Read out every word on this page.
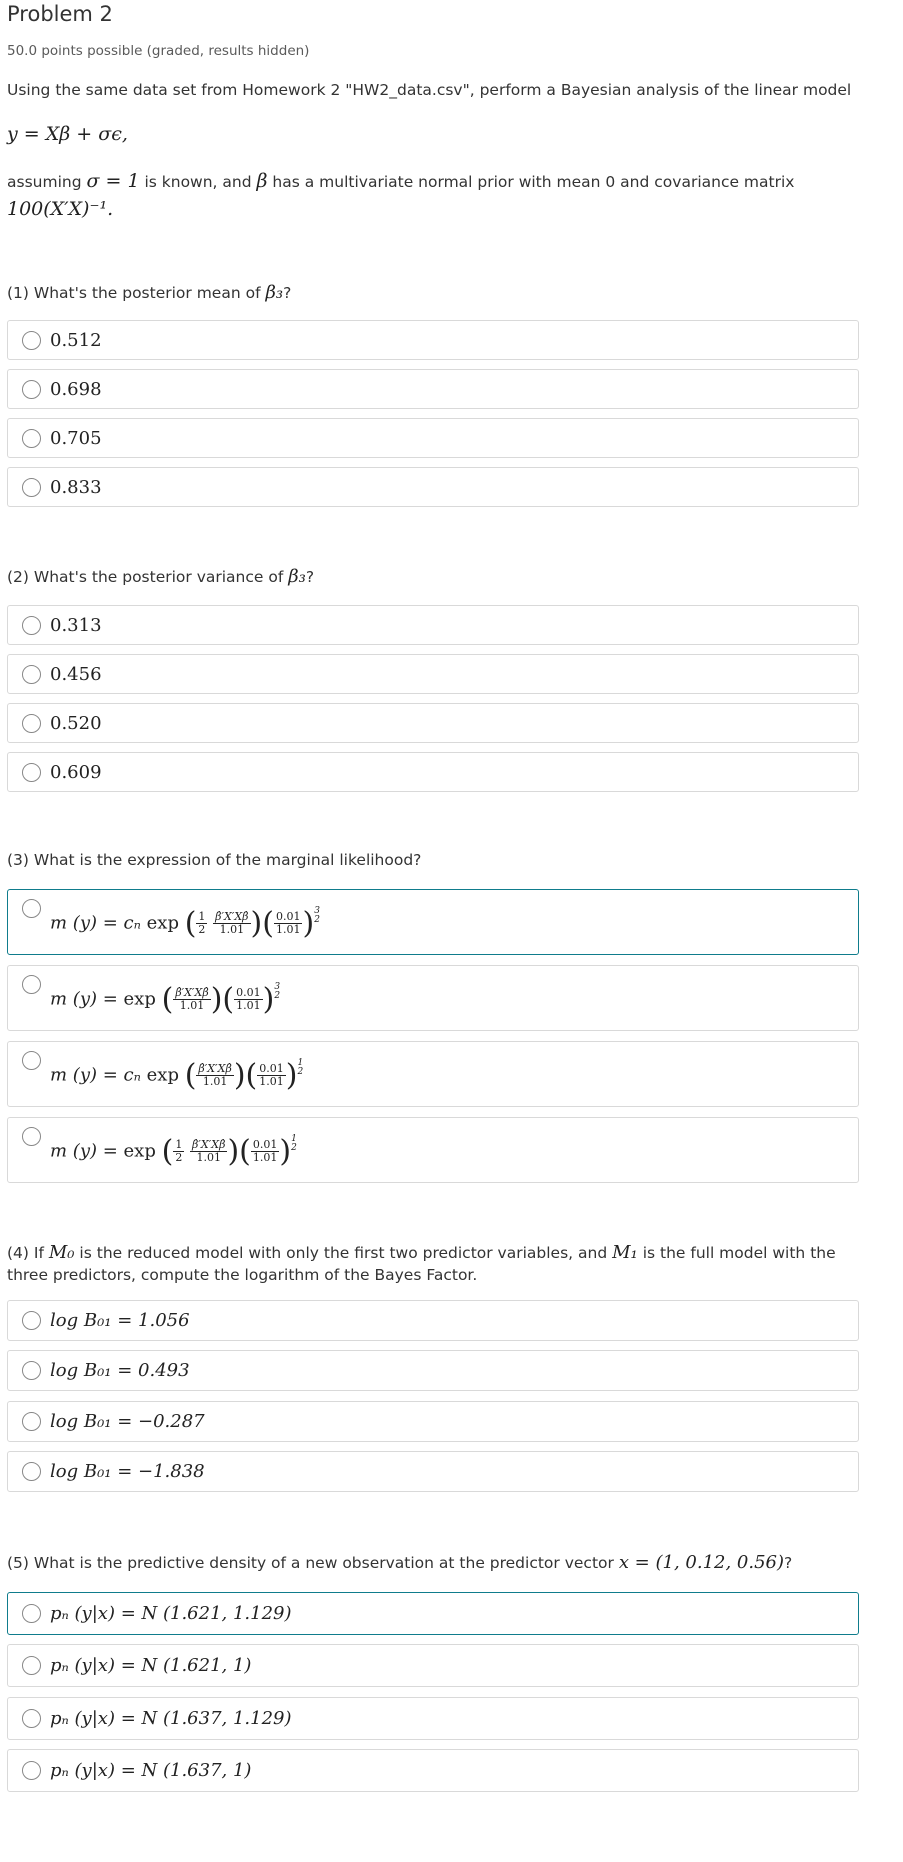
Problem 2
50.0 points possible (graded, results hidden)
Using the same data set from Homework 2 "HW2_data.csv", perform a Bayesian analysis of the linear model
y = Xβ + σϵ,
assuming σ = 1 is known, and β has a multivariate normal prior with mean 0 and covariance matrix
100(X′X)⁻¹.
(1) What's the posterior mean of β₃?
0.512
0.698
0.705
0.833
(2) What's the posterior variance of β₃?
0.313
0.456
0.520
0.609
(3) What is the expression of the marginal likelihood?
m (y) = cₙ exp ( $\frac{1}{2}$
$\frac{\betâ'X'X\betâ}{1.01}$ )( $\frac{0.01}{1.01}$ ) 3
2
m (y) = exp ( $\frac{\betâ'X'X\betâ}{1.01}$ )( $\frac{0.01}{1.01}$ ) 3
2
m (y) = cₙ exp ( $\frac{\betâ'X'X\betâ}{1.01}$ )( $\frac{0.01}{1.01}$ ) 1
2
m (y) = exp ( $\frac{1}{2}$
$\frac{\betâ'X'X\betâ}{1.01}$ )( $\frac{0.01}{1.01}$ ) 1
2
(4) If M₀ is the reduced model with only the first two predictor variables, and M₁ is the full model with the
three predictors, compute the logarithm of the Bayes Factor.
log B₀₁ = 1.056
log B₀₁ = 0.493
log B₀₁ = −0.287
log B₀₁ = −1.838
(5) What is the predictive density of a new observation at the predictor vector x = (1, 0.12, 0.56)?
pₙ (y|x) = N (1.621, 1.129)
pₙ (y|x) = N (1.621, 1)
pₙ (y|x) = N (1.637, 1.129)
pₙ (y|x) = N (1.637, 1)
